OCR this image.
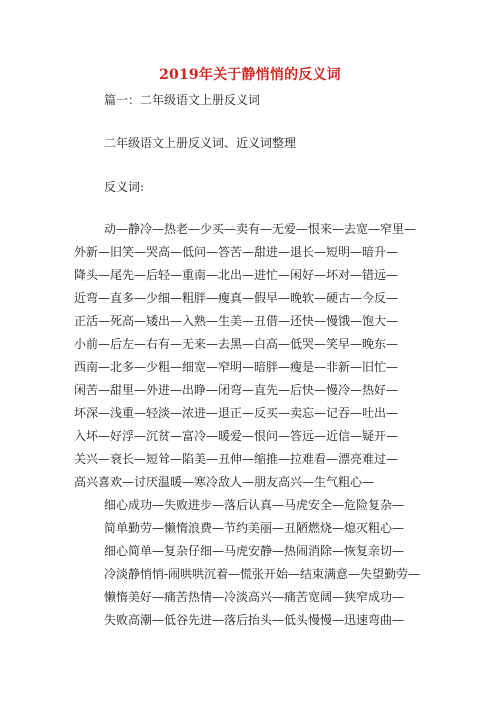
2019年关于静悄悄的反义词
篇一：二年级语文上册反义词
二年级语文上册反义词、近义词整理
反义词:
动—静冷—热老—少买—卖有—无爱—恨来—去宽—窄里—
外新—旧笑—哭高—低问—答苦—甜进—退长—短明—暗升—
降头—尾先—后轻—重南—北出—进忙—闲好—坏对—错远—
近弯—直多—少细—粗胖—瘦真—假早—晚软—硬古—今反—
正活—死高—矮出—入熟—生美—丑借—还快—慢饿—饱大—
小前—后左—右有—无来—去黑—白高—低哭—笑早—晚东—
西南—北多—少粗—细宽—窄明—暗胖—瘦是—非新—旧忙—
闲苦—甜里—外进—出睁—闭弯—直先—后快—慢冷—热好—
坏深—浅重—轻淡—浓进—退正—反买—卖忘—记吞—吐出—
入坏—好浮—沉贫—富冷—暖爱—恨问—答远—近信—疑开—
关兴—衰长—短耸—陷美—丑伸—缩推—拉难看—漂亮难过—
高兴喜欢—讨厌温暖—寒冷敌人—朋友高兴—生气粗心—
细心成功—失败进步—落后认真—马虎安全—危险复杂—
简单勤劳—懒惰浪费—节约美丽—丑陋燃烧—熄灭粗心—
细心简单—复杂仔细—马虎安静—热闹消除—恢复亲切—
冷淡静悄悄-闹哄哄沉着—慌张开始—结束满意—失望勤劳—
懒惰美好—痛苦热情—冷淡高兴—痛苦宽阔—狭窄成功—
失败高潮—低谷先进—落后抬头—低头慢慢—迅速弯曲—
